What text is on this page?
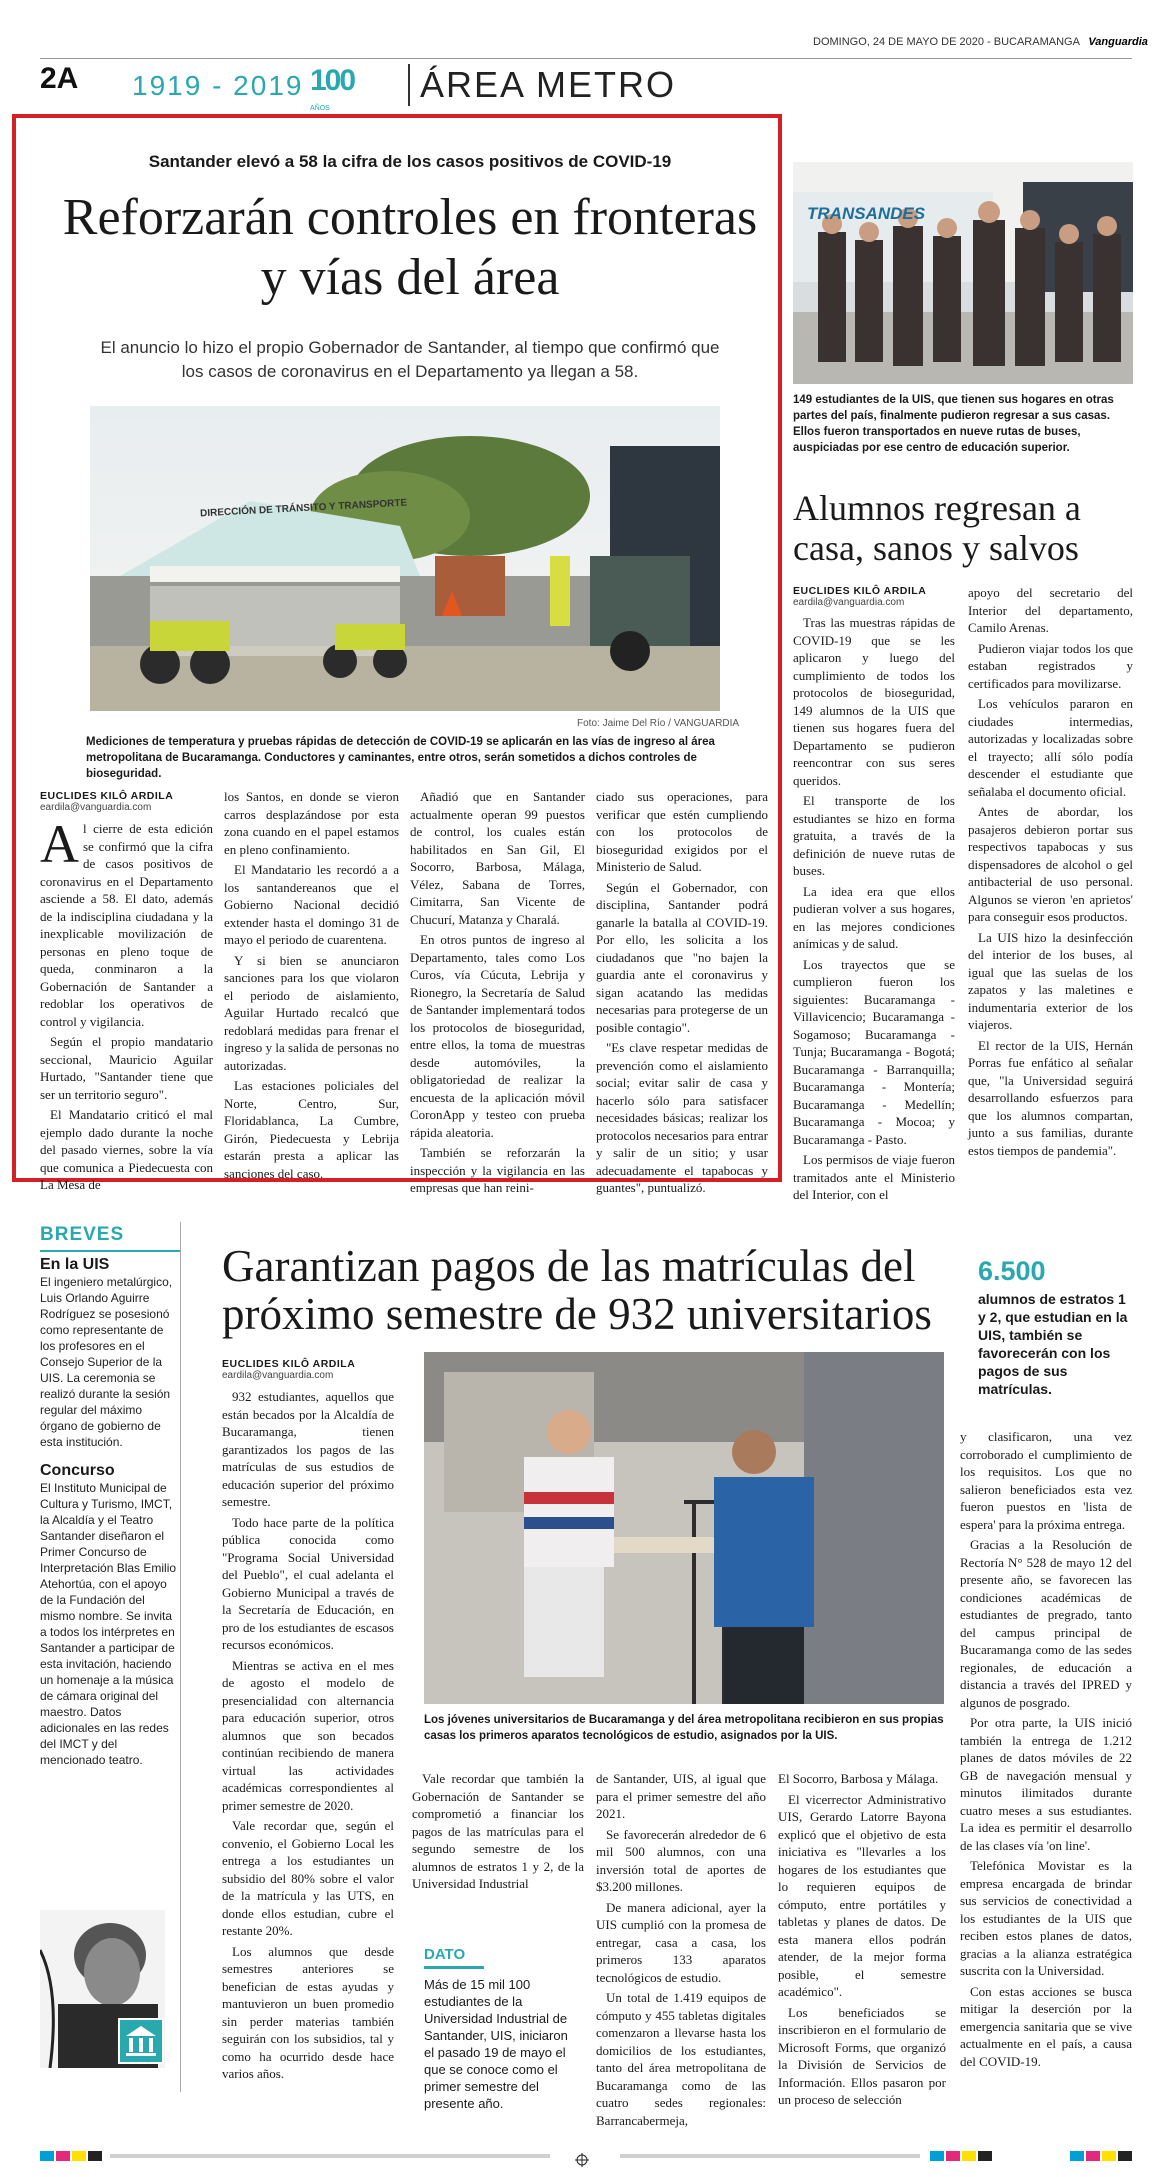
DOMINGO, 24 DE MAYO DE 2020 - BUCARAMANGA Vanguardia
2A 1919 - 2019 100 AÑOS
ÁREA METRO
Santander elevó a 58 la cifra de los casos positivos de COVID-19
Reforzarán controles en fronteras y vías del área
El anuncio lo hizo el propio Gobernador de Santander, al tiempo que confirmó que los casos de coronavirus en el Departamento ya llegan a 58.
DIRECCIÓN DE TRÁNSITO Y TRANSPORTE
Foto: Jaime Del Río / VANGUARDIA
Mediciones de temperatura y pruebas rápidas de detección de COVID-19 se aplicarán en las vías de ingreso al área metropolitana de Bucaramanga. Conductores y caminantes, entre otros, serán sometidos a dichos controles de bioseguridad.
EUCLIDES KILÔ ARDILA
eardila@vanguardia.com
A l cierre de esta edición se confirmó que la cifra de casos positivos de coronavirus en el Departamento asciende a 58. El dato, además de la indisciplina ciudadana y la inexplicable movilización de personas en pleno toque de queda, conminaron a la Gobernación de Santander a redoblar los operativos de control y vigilancia.

Según el propio mandatario seccional, Mauricio Aguilar Hurtado, "Santander tiene que ser un territorio seguro".

El Mandatario criticó el mal ejemplo dado durante la noche del pasado viernes, sobre la vía que comunica a Piedecuesta con La Mesa de

los Santos, en donde se vieron carros desplazándose por esta zona cuando en el papel estamos en pleno confinamiento.

El Mandatario les recordó a a los santandereanos que el Gobierno Nacional decidió extender hasta el domingo 31 de mayo el periodo de cuarentena.

Y si bien se anunciaron sanciones para los que violaron el periodo de aislamiento, Aguilar Hurtado recalcó que redoblará medidas para frenar el ingreso y la salida de personas no autorizadas.

Las estaciones policiales del Norte, Centro, Sur, Floridablanca, La Cumbre, Girón, Piedecuesta y Lebrija estarán presta a aplicar las sanciones del caso.

Añadió que en Santander actualmente operan 99 puestos de control, los cuales están habilitados en San Gil, El Socorro, Barbosa, Málaga, Vélez, Sabana de Torres, Cimitarra, San Vicente de Chucurí, Matanza y Charalá.

En otros puntos de ingreso al Departamento, tales como Los Curos, vía Cúcuta, Lebrija y Rionegro, la Secretaría de Salud de Santander implementará todos los protocolos de bioseguridad, entre ellos, la toma de muestras desde automóviles, la obligatoriedad de realizar la encuesta de la aplicación móvil CoronApp y testeo con prueba rápida aleatoria.

También se reforzarán la inspección y la vigilancia en las empresas que han reini-

ciado sus operaciones, para verificar que estén cumpliendo con los protocolos de bioseguridad exigidos por el Ministerio de Salud.

Según el Gobernador, con disciplina, Santander podrá ganarle la batalla al COVID-19. Por ello, les solicita a los ciudadanos que "no bajen la guardia ante el coronavirus y sigan acatando las medidas necesarias para protegerse de un posible contagio".

"Es clave respetar medidas de prevención como el aislamiento social; evitar salir de casa y hacerlo sólo para satisfacer necesidades básicas; realizar los protocolos necesarios para entrar y salir de un sitio; y usar adecuadamente el tapabocas y guantes", puntualizó.

TRANSANDES
149 estudiantes de la UIS, que tienen sus hogares en otras partes del país, finalmente pudieron regresar a sus casas. Ellos fueron transportados en nueve rutas de buses, auspiciadas por ese centro de educación superior.
Alumnos regresan a casa, sanos y salvos
EUCLIDES KILÔ ARDILA
eardila@vanguardia.com

Tras las muestras rápidas de COVID-19 que se les aplicaron y luego del cumplimiento de todos los protocolos de bioseguridad, 149 alumnos de la UIS que tienen sus hogares fuera del Departamento se pudieron reencontrar con sus seres queridos.

El transporte de los estudiantes se hizo en forma gratuita, a través de la definición de nueve rutas de buses.

La idea era que ellos pudieran volver a sus hogares, en las mejores condiciones anímicas y de salud.

Los trayectos que se cumplieron fueron los siguientes: Bucaramanga - Villavicencio; Bucaramanga - Sogamoso; Bucaramanga - Tunja; Bucaramanga - Bogotá; Bucaramanga - Barranquilla; Bucaramanga - Montería; Bucaramanga - Medellín; Bucaramanga - Mocoa; y Bucaramanga - Pasto.

Los permisos de viaje fueron tramitados ante el Ministerio del Interior, con el

apoyo del secretario del Interior del departamento, Camilo Arenas.

Pudieron viajar todos los que estaban registrados y certificados para movilizarse.

Los vehículos pararon en ciudades intermedias, autorizadas y localizadas sobre el trayecto; allí sólo podía descender el estudiante que señalaba el documento oficial.

Antes de abordar, los pasajeros debieron portar sus respectivos tapabocas y sus dispensadores de alcohol o gel antibacterial de uso personal. Algunos se vieron 'en aprietos' para conseguir esos productos.

La UIS hizo la desinfección del interior de los buses, al igual que las suelas de los zapatos y las maletines e indumentaria exterior de los viajeros.

El rector de la UIS, Hernán Porras fue enfático al señalar que, "la Universidad seguirá desarrollando esfuerzos para que los alumnos compartan, junto a sus familias, durante estos tiempos de pandemia".

BREVES
En la UIS
El ingeniero metalúrgico, Luis Orlando Aguirre Rodríguez se posesionó como representante de los profesores en el Consejo Superior de la UIS. La ceremonia se realizó durante la sesión regular del máximo órgano de gobierno de esta institución.
Concurso
El Instituto Municipal de Cultura y Turismo, IMCT, la Alcaldía y el Teatro Santander diseñaron el Primer Concurso de Interpretación Blas Emilio Atehortúa, con el apoyo de la Fundación del mismo nombre. Se invita a todos los intérpretes en Santander a participar de esta invitación, haciendo un homenaje a la música de cámara original del maestro. Datos adicionales en las redes del IMCT y del mencionado teatro.
Garantizan pagos de las matrículas del próximo semestre de 932 universitarios
6.500
alumnos de estratos 1 y 2, que estudian en la UIS, también se favorecerán con los pagos de sus matrículas.
EUCLIDES KILÔ ARDILA
eardila@vanguardia.com

932 estudiantes, aquellos que están becados por la Alcaldía de Bucaramanga, tienen garantizados los pagos de las matrículas de sus estudios de educación superior del próximo semestre.

Todo hace parte de la política pública conocida como "Programa Social Universidad del Pueblo", el cual adelanta el Gobierno Municipal a través de la Secretaría de Educación, en pro de los estudiantes de escasos recursos económicos.

Mientras se activa en el mes de agosto el modelo de presencialidad con alternancia para educación superior, otros alumnos que son becados continúan recibiendo de manera virtual las actividades académicas correspondientes al primer semestre de 2020.

Vale recordar que, según el convenio, el Gobierno Local les entrega a los estudiantes un subsidio del 80% sobre el valor de la matrícula y las UTS, en donde ellos estudian, cubre el restante 20%.

Los alumnos que desde semestres anteriores se benefician de estas ayudas y mantuvieron un buen promedio sin perder materias también seguirán con los subsidios, tal y como ha ocurrido desde hace varios años.

Los jóvenes universitarios de Bucaramanga y del área metropolitana recibieron en sus propias casas los primeros aparatos tecnológicos de estudio, asignados por la UIS.

Vale recordar que también la Gobernación de Santander se comprometió a financiar los pagos de las matrículas para el segundo semestre de los alumnos de estratos 1 y 2, de la Universidad Industrial

DATO
Más de 15 mil 100 estudiantes de la Universidad Industrial de Santander, UIS, iniciaron el pasado 19 de mayo el que se conoce como el primer semestre del presente año.

de Santander, UIS, al igual que para el primer semestre del año 2021.

Se favorecerán alrededor de 6 mil 500 alumnos, con una inversión total de aportes de $3.200 millones.

De manera adicional, ayer la UIS cumplió con la promesa de entregar, casa a casa, los primeros 133 aparatos tecnológicos de estudio.

Un total de 1.419 equipos de cómputo y 455 tabletas digitales comenzaron a llevarse hasta los domicilios de los estudiantes, tanto del área metropolitana de Bucaramanga como de las cuatro sedes regionales: Barrancabermeja,

El Socorro, Barbosa y Málaga.

El vicerrector Administrativo UIS, Gerardo Latorre Bayona explicó que el objetivo de esta iniciativa es "llevarles a los hogares de los estudiantes que lo requieren equipos de cómputo, entre portátiles y tabletas y planes de datos. De esta manera ellos podrán atender, de la mejor forma posible, el semestre académico".

Los beneficiados se inscribieron en el formulario de Microsoft Forms, que organizó la División de Servicios de Información. Ellos pasaron por un proceso de selección

y clasificaron, una vez corroborado el cumplimiento de los requisitos. Los que no salieron beneficiados esta vez fueron puestos en 'lista de espera' para la próxima entrega.

Gracias a la Resolución de Rectoría N° 528 de mayo 12 del presente año, se favorecen las condiciones académicas de estudiantes de pregrado, tanto del campus principal de Bucaramanga como de las sedes regionales, de educación a distancia a través del IPRED y algunos de posgrado.

Por otra parte, la UIS inició también la entrega de 1.212 planes de datos móviles de 22 GB de navegación mensual y minutos ilimitados durante cuatro meses a sus estudiantes. La idea es permitir el desarrollo de las clases vía 'on line'.

Telefónica Movistar es la empresa encargada de brindar sus servicios de conectividad a los estudiantes de la UIS que reciben estos planes de datos, gracias a la alianza estratégica suscrita con la Universidad.

Con estas acciones se busca mitigar la deserción por la emergencia sanitaria que se vive actualmente en el país, a causa del COVID-19.
